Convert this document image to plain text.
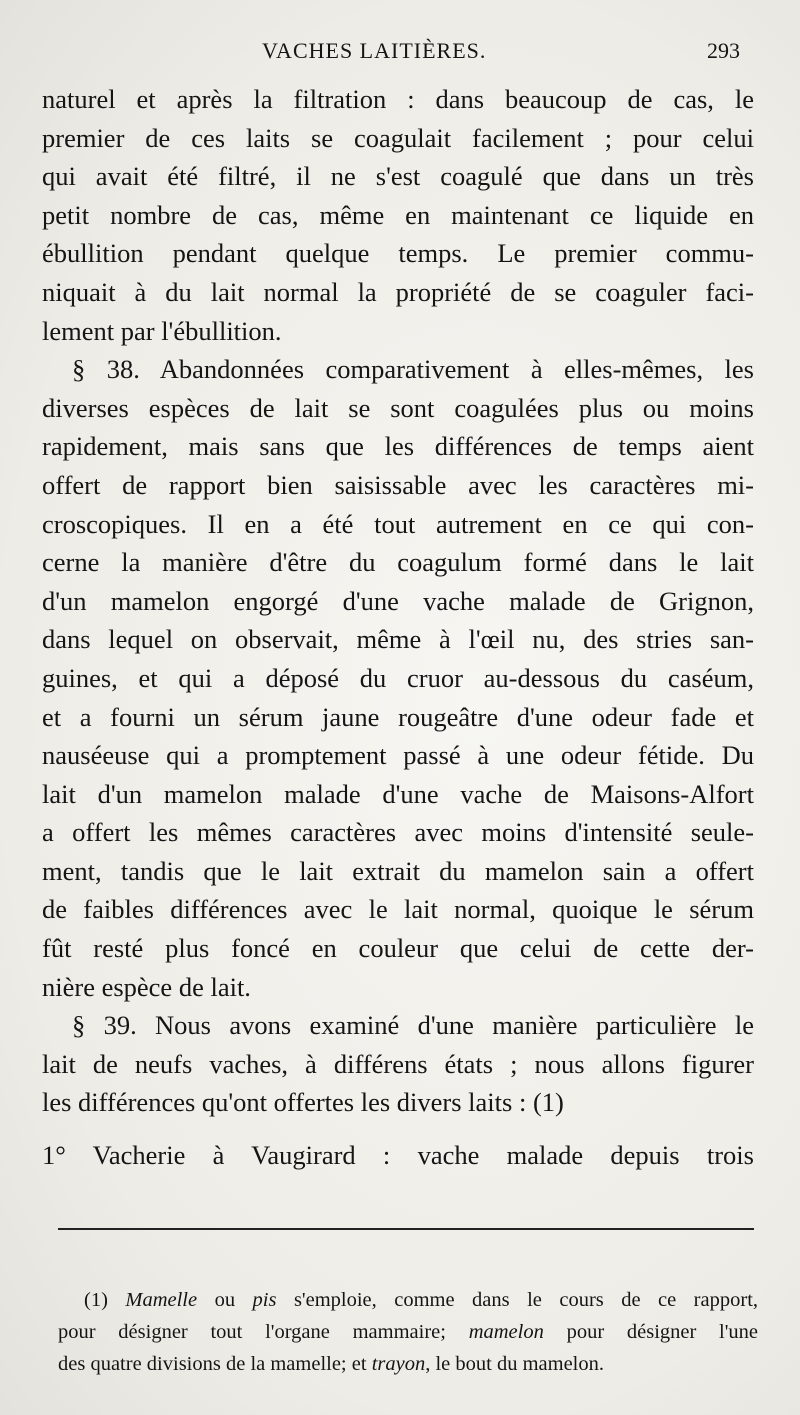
VACHES LAITIÈRES.	293
naturel et après la filtration : dans beaucoup de cas, le
premier de ces laits se coagulait facilement ; pour celui
qui avait été filtré, il ne s'est coagulé que dans un très
petit nombre de cas, même en maintenant ce liquide en
ébullition pendant quelque temps. Le premier commu-
niquait à du lait normal la propriété de se coaguler faci-
lement par l'ébullition.
§ 38. Abandonnées comparativement à elles-mêmes, les
diverses espèces de lait se sont coagulées plus ou moins
rapidement, mais sans que les différences de temps aient
offert de rapport bien saisissable avec les caractères mi-
croscopiques. Il en a été tout autrement en ce qui con-
cerne la manière d'être du coagulum formé dans le lait
d'un mamelon engorgé d'une vache malade de Grignon,
dans lequel on observait, même à l'œil nu, des stries san-
guines, et qui a déposé du cruor au-dessous du caséum,
et a fourni un sérum jaune rougeâtre d'une odeur fade et
nauséeuse qui a promptement passé à une odeur fétide. Du
lait d'un mamelon malade d'une vache de Maisons-Alfort
a offert les mêmes caractères avec moins d'intensité seule-
ment, tandis que le lait extrait du mamelon sain a offert
de faibles différences avec le lait normal, quoique le sérum
fût resté plus foncé en couleur que celui de cette der-
nière espèce de lait.
§ 39. Nous avons examiné d'une manière particulière le
lait de neufs vaches, à différens états ; nous allons figurer
les différences qu'ont offertes les divers laits : (1)
1° Vacherie à Vaugirard : vache malade depuis trois
(1) Mamelle ou pis s'emploie, comme dans le cours de ce rapport,
pour désigner tout l'organe mammaire; mamelon pour désigner l'une
des quatre divisions de la mamelle; et trayon, le bout du mamelon.
